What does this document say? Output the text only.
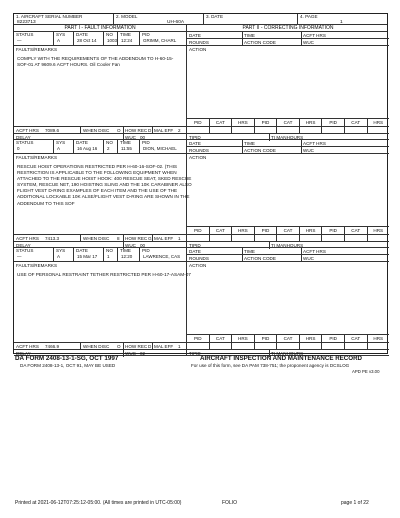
1. AIRCRAFT SERIAL NUMBER
8223713
2. MODEL
UH-60A
3. DATE	4. PAGE
1
PART I - FAULT INFORMATION	PART II - CORRECTING INFORMATION
STATUS
—
SYS
A
DATE
28 Oct 14
NO
1003
TIME
12:24
PID
GRIMM, CHARL
FAULTS/REMARKS
COMPLY WITH THE REQUIREMENTS OF THE ADDENDUM TO H-60-15-
SOF-01 AT 9609.6 ACFT HOURS. Oil Cooler Fan
ACFT HRS 7089.6	WHEN DISC O HOW REC D MAL EFF 2
DELAY	WUC 00
DATE	TIME	ACFT HRS
ROUNDS	ACTION CODE	WUC
ACTION
PID	CAT	HRS	PID	CAT	HRS	PID	CAT	HRS
TIPID	TI MANHOURS
STATUS
0
SYS
A
DATE
16 Aug 16
NO
2
TIME
11:55
PID
DION, MICHAEL
FAULTS/REMARKS
RESCUE HOIST OPERATIONS RESTRICTED PER H-60-16-SOF-02. (THIS
RESTRICTION IS APPLICABLE TO THE FOLLOWING EQUIPMENT WHEN
ATTACHED TO THE RESCUE HOIST HOOK: 400 RESCUE SEAT, SKED RESCUE
SYSTEM, RESCUE NET, 190 HOISTING SLING AND THE 10K CARABINER ALSO
FLIGHT VEST D-RING EXAMPLES OF EACH ITEM AND THE USE OF THE
ADDITIONAL LOCKABLE 10K ALSE/FLIGHT VEST D-RING ARE SHOWN IN THE
ADDENDUM TO THIS SOF
ACFT HRS 7413.3	WHEN DISC 8 HOW REC G MAL EFF 1
DELAY	WUC 00
DATE	TIME	ACFT HRS
ROUNDS	ACTION CODE	WUC
ACTION
PID	CAT	HRS	PID	CAT	HRS	PID	CAT	HRS
TIPID	TI MANHOURS
STATUS
—
SYS
A
DATE
15 Mar 17
NO
1
TIME
12:20
PID
LAWRENCE, CAS
FAULTS/REMARKS
USE OF PERSONAL RESTRAINT TETHER RESTRICTED PER H-60-17-ASAM-07
ACFT HRS 7466.9	WHEN DISC O HOW REC D MAL EFF 1
DELAY	WUC 02
DATE	TIME	ACFT HRS
ROUNDS	ACTION CODE	WUC
ACTION
PID	CAT	HRS	PID	CAT	HRS	PID	CAT	HRS
TIPID	TI MANHOURS
DA FORM 2408-13-1-SG, OCT 1997	AIRCRAFT INSPECTION AND MAINTENANCE RECORD
DA FORM 2408-13-1, OCT 91, MAY BE USED	For use of this form, see DA PAM 738-751; the proponent agency is DCSLOG
APD PE v3.00
Printed at 2021-06-12T07:25:12-05:00. (All times are printed in UTC-05:00)	FOLIO	page 1 of 22
